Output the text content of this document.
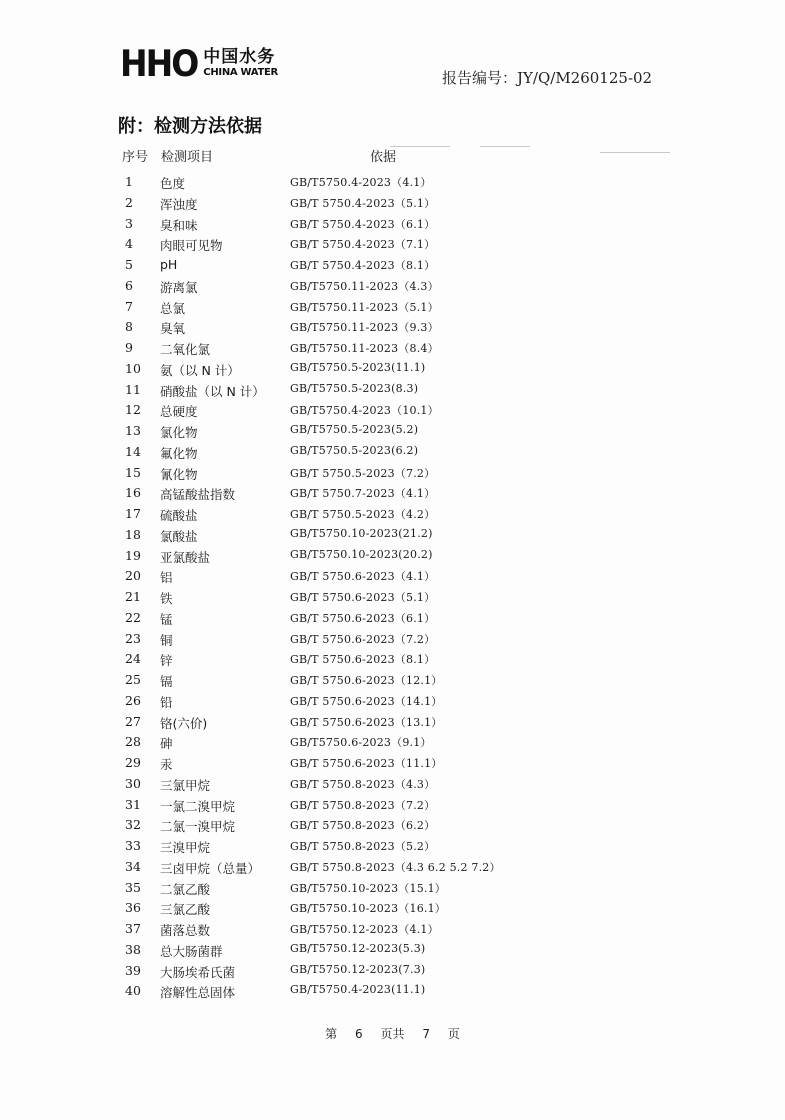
HHO 中国水务
CHINA WATER	报告编号：JY/Q/M260125-02
附：检测方法依据
序号 检测项目	依据
1 色度	GB/T5750.4-2023（4.1）
2 浑浊度	GB/T 5750.4-2023（5.1）
3 臭和味	GB/T 5750.4-2023（6.1）
4 肉眼可见物	GB/T 5750.4-2023（7.1）
5 pH	GB/T 5750.4-2023（8.1）
6 游离氯	GB/T5750.11-2023（4.3）
7 总氯	GB/T5750.11-2023（5.1）
8 臭氧	GB/T5750.11-2023（9.3）
9 二氧化氯	GB/T5750.11-2023（8.4）
10 氨（以 N 计）	GB/T5750.5-2023(11.1)
11 硝酸盐（以 N 计） GB/T5750.5-2023(8.3)
12 总硬度	GB/T5750.4-2023（10.1）
13 氯化物	GB/T5750.5-2023(5.2)
14 氟化物	GB/T5750.5-2023(6.2)
15 氰化物	GB/T 5750.5-2023（7.2）
16 高锰酸盐指数	GB/T 5750.7-2023（4.1）
17 硫酸盐	GB/T 5750.5-2023（4.2）
18 氯酸盐	GB/T5750.10-2023(21.2)
19 亚氯酸盐	GB/T5750.10-2023(20.2)
20 铝	GB/T 5750.6-2023（4.1）
21 铁	GB/T 5750.6-2023（5.1）
22 锰	GB/T 5750.6-2023（6.1）
23 铜	GB/T 5750.6-2023（7.2）
24 锌	GB/T 5750.6-2023（8.1）
25 镉	GB/T 5750.6-2023（12.1）
26 铅	GB/T 5750.6-2023（14.1）
27 铬(六价)	GB/T 5750.6-2023（13.1）
28 砷	GB/T5750.6-2023（9.1）
29 汞	GB/T 5750.6-2023（11.1）
30 三氯甲烷	GB/T 5750.8-2023（4.3）
31 一氯二溴甲烷	GB/T 5750.8-2023（7.2）
32 二氯一溴甲烷	GB/T 5750.8-2023（6.2）
33 三溴甲烷	GB/T 5750.8-2023（5.2）
34 三卤甲烷（总量）	GB/T 5750.8-2023（4.3 6.2 5.2 7.2）
35 二氯乙酸	GB/T5750.10-2023（15.1）
36 三氯乙酸	GB/T5750.10-2023（16.1）
37 菌落总数	GB/T5750.12-2023（4.1）
38 总大肠菌群	GB/T5750.12-2023(5.3)
39 大肠埃希氏菌	GB/T5750.12-2023(7.3)
40 溶解性总固体	GB/T5750.4-2023(11.1)
第 6 页共 7 页
